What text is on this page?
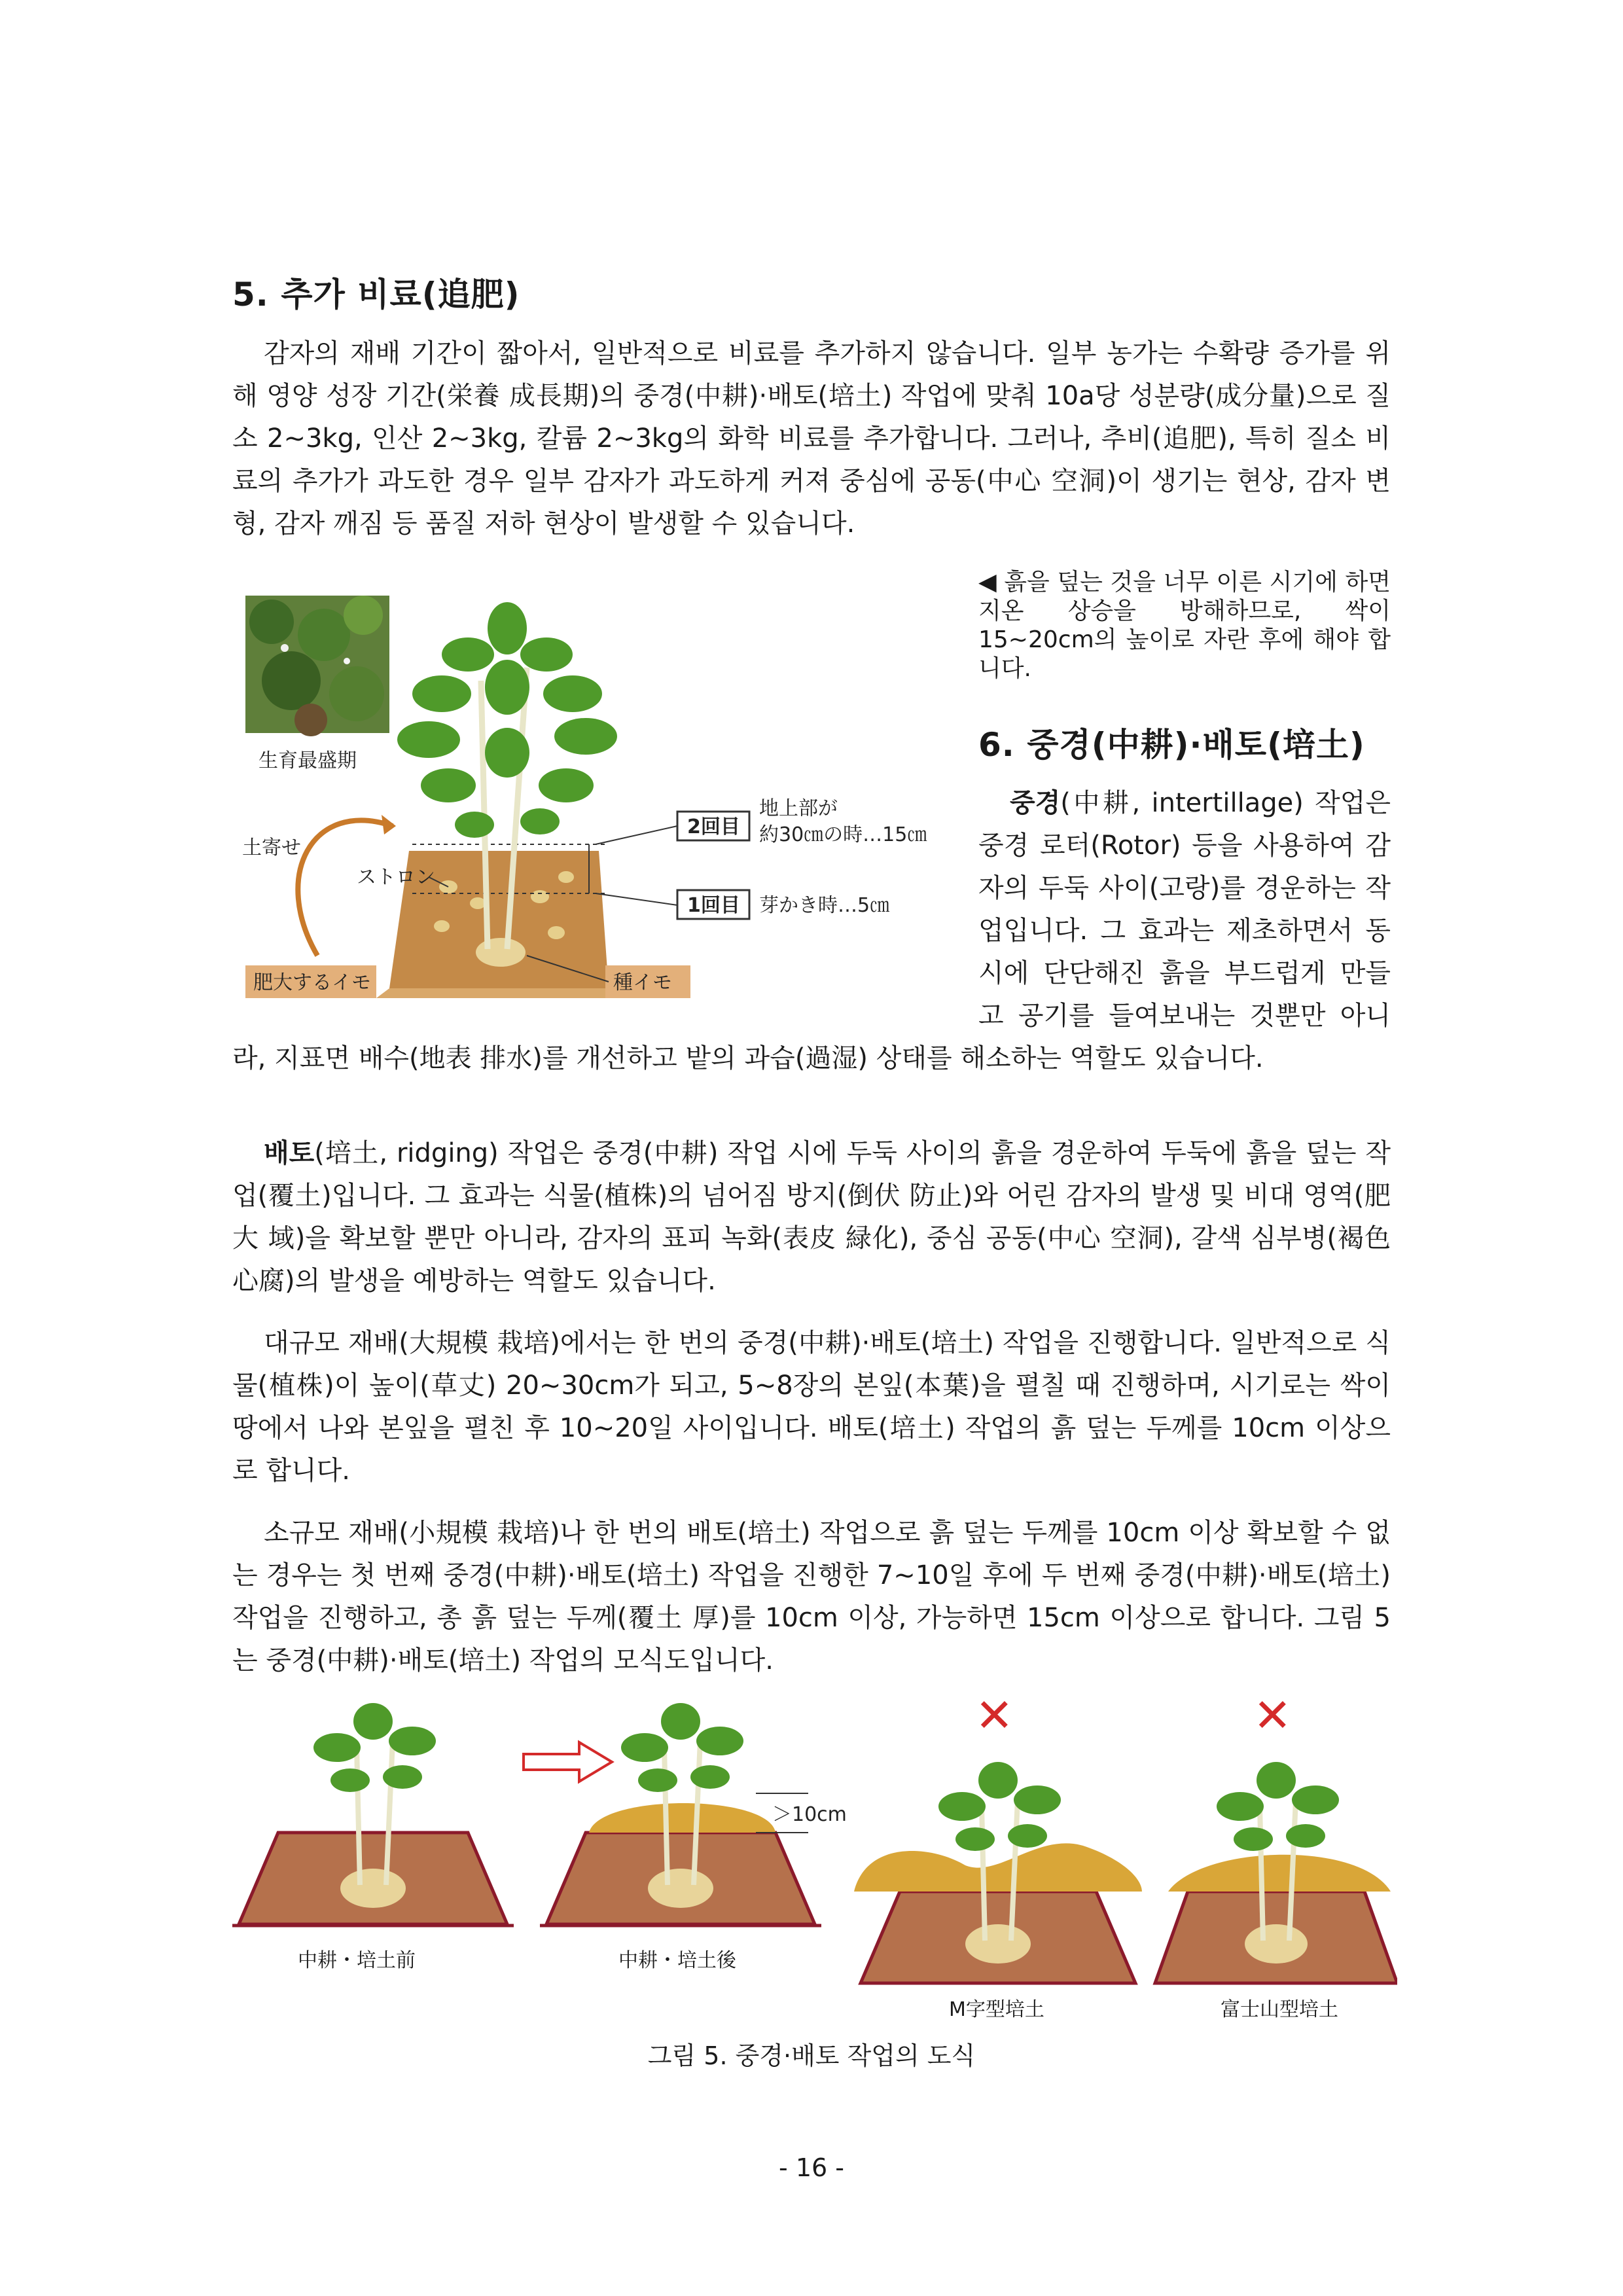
5. 추가 비료(追肥)

감자의 재배 기간이 짧아서, 일반적으로 비료를 추가하지 않습니다. 일부 농가는 수확량 증가를 위해 영양 성장 기간(栄養 成長期)의 중경(中耕)·배토(培土) 작업에 맞춰 10a당 성분량(成分量)으로 질소 2~3kg, 인산 2~3kg, 칼륨 2~3kg의 화학 비료를 추가합니다. 그러나, 추비(追肥), 특히 질소 비료의 추가가 과도한 경우 일부 감자가 과도하게 커져 중심에 공동(中心 空洞)이 생기는 현상, 감자 변형, 감자 깨짐 등 품질 저하 현상이 발생할 수 있습니다.

生育最盛期
土寄せ
ストロン
肥大するイモ	種イモ
2回目
地上部が
約30㎝の時…15㎝
1回目 芽かき時…5㎝
◀ 흙을 덮는 것을 너무 이른 시기에 하면 지온 상승을 방해하므로, 싹이 15~20cm의 높이로 자란 후에 해야 합니다.
6. 중경(中耕)·배토(培土)

중경(中耕, intertillage) 작업은 중경 로터(Rotor) 등을 사용하여 감자의 두둑 사이(고랑)를 경운하는 작업입니다. 그 효과는 제초하면서 동시에 단단해진 흙을 부드럽게 만들고 공기를 들여보내는 것뿐만 아니라, 지표면 배수(地表 排水)를 개선하고 밭의 과습(過湿) 상태를 해소하는 역할도 있습니다.

배토(培土, ridging) 작업은 중경(中耕) 작업 시에 두둑 사이의 흙을 경운하여 두둑에 흙을 덮는 작업(覆土)입니다. 그 효과는 식물(植株)의 넘어짐 방지(倒伏 防止)와 어린 감자의 발생 및 비대 영역(肥大 域)을 확보할 뿐만 아니라, 감자의 표피 녹화(表皮 緑化), 중심 공동(中心 空洞), 갈색 심부병(褐色心腐)의 발생을 예방하는 역할도 있습니다.

대규모 재배(大規模 栽培)에서는 한 번의 중경(中耕)·배토(培土) 작업을 진행합니다. 일반적으로 식물(植株)이 높이(草丈) 20~30cm가 되고, 5~8장의 본잎(本葉)을 펼칠 때 진행하며, 시기로는 싹이 땅에서 나와 본잎을 펼친 후 10~20일 사이입니다. 배토(培土) 작업의 흙 덮는 두께를 10cm 이상으로 합니다.

소규모 재배(小規模 栽培)나 한 번의 배토(培土) 작업으로 흙 덮는 두께를 10cm 이상 확보할 수 없는 경우는 첫 번째 중경(中耕)·배토(培土) 작업을 진행한 7~10일 후에 두 번째 중경(中耕)·배토(培土) 작업을 진행하고, 총 흙 덮는 두께(覆土 厚)를 10cm 이상, 가능하면 15cm 이상으로 합니다. 그림 5는 중경(中耕)·배토(培土) 작업의 모식도입니다.

＞10cm
✕	✕
中耕・培土前	中耕・培土後
M字型培土	富士山型培土
그림 5. 중경·배토 작업의 도식
- 16 -
